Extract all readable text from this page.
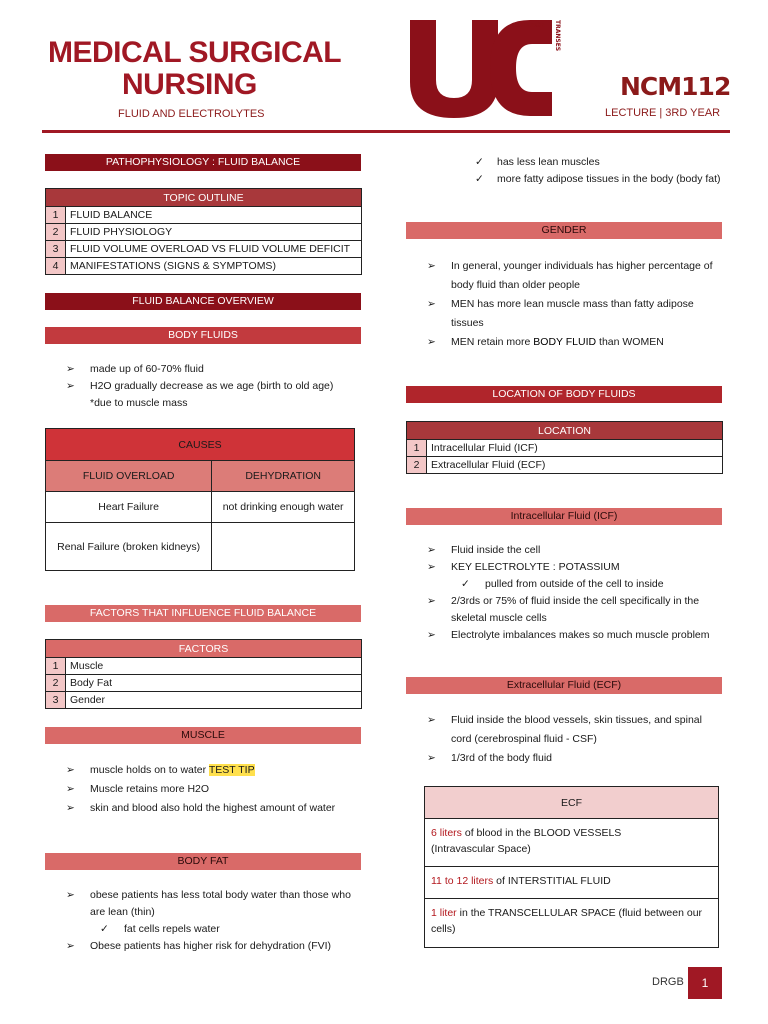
MEDICAL SURGICAL
NURSING
FLUID AND ELECTROLYTES
COLLEGE TRANSES
NCM112
LECTURE | 3RD YEAR
PATHOPHYSIOLOGY : FLUID BALANCE
TOPIC OUTLINE	
1	FLUID BALANCE
2	FLUID PHYSIOLOGY
3	FLUID VOLUME OVERLOAD VS FLUID VOLUME DEFICIT
4	MANIFESTATIONS (SIGNS & SYMPTOMS)
FLUID BALANCE OVERVIEW
BODY FLUIDS
➢	made up of 60-70% fluid
➢	H2O gradually decrease as we age (birth to old age)
*due to muscle mass
CAUSES	
FLUID OVERLOAD	DEHYDRATION
Heart Failure	not drinking enough water
Renal Failure (broken kidneys)	
FACTORS THAT INFLUENCE FLUID BALANCE
FACTORS	
1	Muscle
2	Body Fat
3	Gender
MUSCLE
➢	muscle holds on to water TEST TIP
➢	Muscle retains more H2O
➢	skin and blood also hold the highest amount of water
BODY FAT
➢	obese patients has less total body water than those who are lean (thin)
✓	fat cells repels water
➢	Obese patients has higher risk for dehydration (FVI)
✓	has less lean muscles
✓	more fatty adipose tissues in the body (body fat)
GENDER
➢	In general, younger individuals has higher percentage of body fluid than older people
➢	MEN has more lean muscle mass than fatty adipose tissues
➢	MEN retain more BODY FLUID than WOMEN
LOCATION OF BODY FLUIDS
LOCATION	
1	Intracellular Fluid (ICF)
2	Extracellular Fluid (ECF)
Intracellular Fluid (ICF)
➢	Fluid inside the cell
➢	KEY ELECTROLYTE : POTASSIUM
✓	pulled from outside of the cell to inside
➢	2/3rds or 75% of fluid inside the cell specifically in the skeletal muscle cells
➢	Electrolyte imbalances makes so much muscle problem
Extracellular Fluid (ECF)
➢	Fluid inside the blood vessels, skin tissues, and spinal cord (cerebrospinal fluid - CSF)
➢	1/3rd of the body fluid
ECF
6 liters of blood in the BLOOD VESSELS
(Intravascular Space)
11 to 12 liters of INTERSTITIAL FLUID
1 liter in the TRANSCELLULAR SPACE (fluid between our cells)
DRGB	1
